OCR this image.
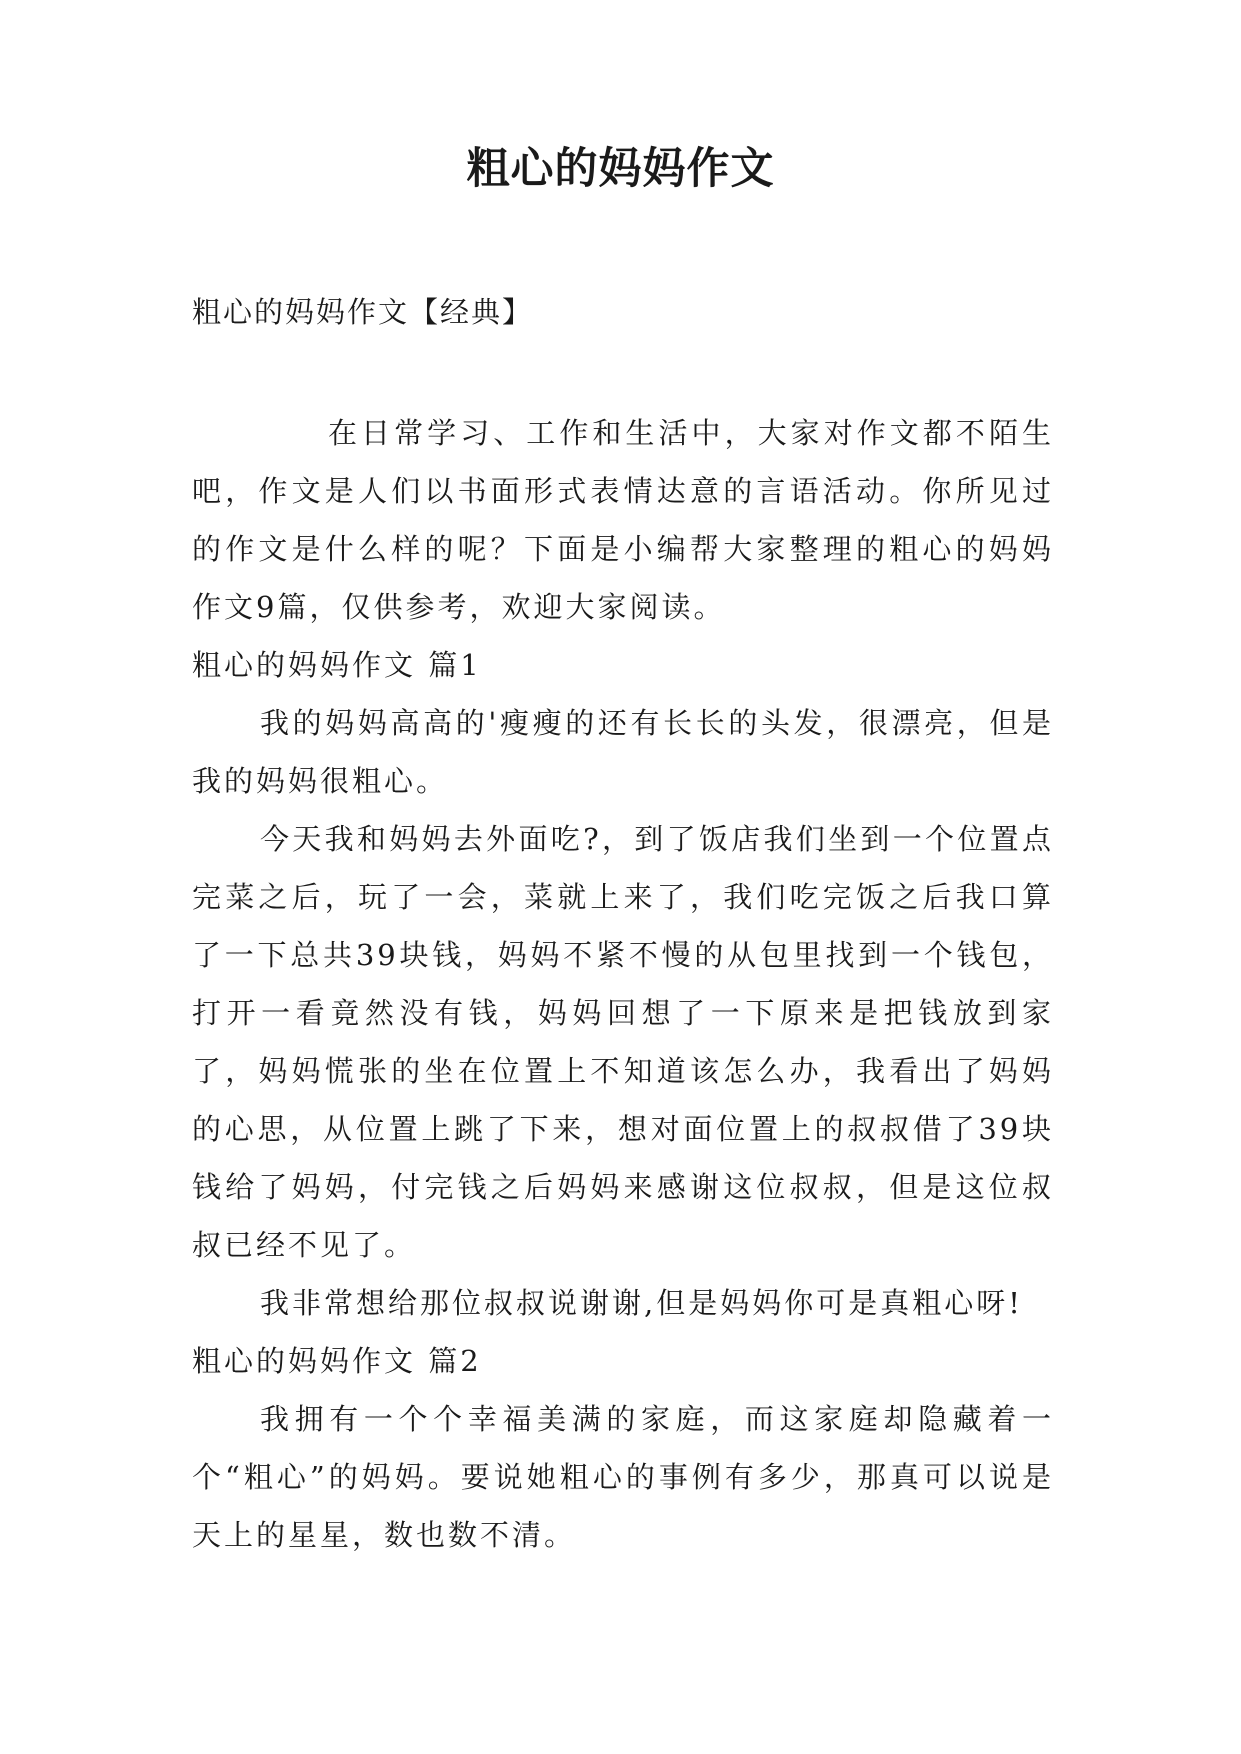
粗心的妈妈作文
粗心的妈妈作文【经典】

在日常学习、工作和生活中，大家对作文都不陌生吧，作文是人们以书面形式表情达意的言语活动。你所见过的作文是什么样的呢？下面是小编帮大家整理的粗心的妈妈作文9篇，仅供参考，欢迎大家阅读。

粗心的妈妈作文 篇1

我的妈妈高高的'瘦瘦的还有长长的头发，很漂亮，但是我的妈妈很粗心。

今天我和妈妈去外面吃?，到了饭店我们坐到一个位置点完菜之后，玩了一会，菜就上来了，我们吃完饭之后我口算了一下总共39块钱，妈妈不紧不慢的从包里找到一个钱包，打开一看竟然没有钱，妈妈回想了一下原来是把钱放到家了，妈妈慌张的坐在位置上不知道该怎么办，我看出了妈妈的心思，从位置上跳了下来，想对面位置上的叔叔借了39块钱给了妈妈，付完钱之后妈妈来感谢这位叔叔，但是这位叔叔已经不见了。

我非常想给那位叔叔说谢谢,但是妈妈你可是真粗心呀!

粗心的妈妈作文 篇2

我拥有一个个幸福美满的家庭，而这家庭却隐藏着一个“粗心”的妈妈。要说她粗心的事例有多少，那真可以说是天上的星星，数也数不清。
